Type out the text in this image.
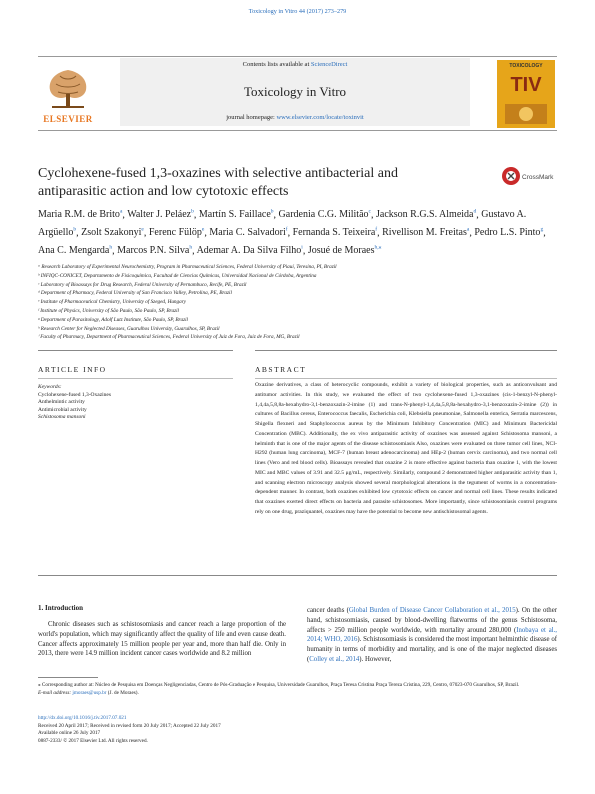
Toxicology in Vitro 44 (2017) 273–279
ELSEVIER
Contents lists available at ScienceDirect
Toxicology in Vitro
journal homepage: www.elsevier.com/locate/toxinvit
TOXICOLOGY
TIV
Cyclohexene-fused 1,3-oxazines with selective antibacterial and
antiparasitic action and low cytotoxic effects
CrossMark
Maria R.M. de Brito$^a$, Walter J. Peláez$^b$, Martín S. Faillace$^b$, Gardenia C.G. Militão$^c$, Jackson R.G.S. Almeida$^d$, Gustavo A. Argüello$^b$, Zsolt Szakonyi$^e$, Ferenc Fülöp$^e$, Maria C. Salvadori$^f$, Fernanda S. Teixeira$^f$, Rivellison M. Freitas$^a$, Pedro L.S. Pinto$^g$, Ana C. Mengarda$^h$, Marcos P.N. Silva$^h$, Ademar A. Da Silva Filho$^i$, Josué de Moraes$^{h,⁎}$
ᵃ Research Laboratory of Experimental Neurochemistry, Program in Pharmaceutical Sciences, Federal University of Piauí, Teresina, PI, Brazil
ᵇ INFIQC-CONICET, Departamento de Fisicoquímica, Facultad de Ciencias Químicas, Universidad Nacional de Córdoba, Argentina
ᶜ Laboratory of Bioassays for Drug Research, Federal University of Pernambuco, Recife, PE, Brazil
ᵈ Department of Pharmacy, Federal University of San Francisco Valley, Petrolina, PE, Brazil
ᵉ Institute of Pharmaceutical Chemistry, University of Szeged, Hungary
ᶠ Institute of Physics, University of São Paulo, São Paulo, SP, Brazil
ᵍ Department of Parasitology, Adolf Lutz Institute, São Paulo, SP, Brazil
ʰ Research Center for Neglected Diseases, Guarulhos University, Guarulhos, SP, Brazil
ⁱ Faculty of Pharmacy, Department of Pharmaceutical Sciences, Federal University of Juiz de Fora, Juiz de Fora, MG, Brazil
ARTICLE INFO	ABSTRACT
Keywords:
Cyclohexene-fused 1,3-Oxazines
Anthelmintic activity
Antimicrobial activity
Schistosoma mansoni
Oxazine derivatives, a class of heterocyclic compounds, exhibit a variety of biological properties, such as anticonvulsant and antitumor activities. In this study, we evaluated the effect of two cyclohexene-fused 1,3-oxazines (cis-1-benzyl-N-phenyl-1,4,4a,5,8,8a-hexahydro-3,1-benzoxazin-2-imine (1) and trans-N-phenyl-1,4,4a,5,8,8a-hexahydro-3,1-benzoxazin-2-imine (2)) in cultures of Bacillus cereus, Enterococcus faecalis, Escherichia coli, Klebsiella pneumoniae, Salmonella enterica, Serratia marcescens, Shigella flexneri and Staphylococcus aureus by the Minimum Inhibitory Concentration (MIC) and Minimum Bactericidal Concentration (MBC). Additionally, the ex vivo antiparasitic activity of oxazines was assessed against Schistosoma mansoni, a helminth that is one of the major agents of the disease schistosomiasis Also, oxazines were evaluated on three tumor cell lines, NCI-H292 (human lung carcinoma), MCF-7 (human breast adenocarcinoma) and HEp-2 (human cervix carcinoma), and two normal cell lines (Vero and red blood cells). Bioassays revealed that oxazine 2 is more effective against bacteria than oxazine 1, with the lowest MIC and MBC values of 3.91 and 32.5 μg/mL, respectively. Similarly, compound 2 demonstrated higher antiparasitic activity than 1, and scanning electron microscopy analysis showed several morphological alterations in the tegument of worms in a concentration-dependent manner. In contrast, both oxazines exhibited low cytotoxic effects on cancer and normal cell lines. These results indicated that oxazines exerted direct effects on bacteria and parasite schistosomes. More importantly, since schistosomiasis control programs rely on one drug, praziquantel, oxazines may have the potential to become new antischistosomal agents.
1. Introduction
Chronic diseases such as schistosomiasis and cancer reach a large proportion of the world's population, which may significantly affect the quality of life and even cause death. Cancer affects approximately 15 million people per year and, more than half die. Only in 2013, there were 14.9 million incident cancer cases worldwide and 8.2 million
cancer deaths (Global Burden of Disease Cancer Collaboration et al., 2015). On the other hand, schistosomiasis, caused by blood-dwelling flatworms of the genus Schistosoma, affects > 250 million people worldwide, with mortality around 280,000 (Inobaya et al., 2014; WHO, 2016). Schistosomiasis is considered the most important helminthic disease of humanity in terms of morbidity and mortality, and is one of the major neglected diseases (Colley et al., 2014). However,
⁎ Corresponding author at: Núcleo de Pesquisa em Doenças Negligenciadas, Centro de Pós-Graduação e Pesquisa, Universidade Guarulhos, Praça Teresa Cristina Praça Tereza Cristina, 229, Centro, 07023-070 Guarulhos, SP, Brazil.
E-mail address: jmoraes@usp.br (J. de Moraes).
http://dx.doi.org/10.1016/j.tiv.2017.07.021
Received 20 April 2017; Received in revised form 20 July 2017; Accepted 22 July 2017
Available online 26 July 2017
0887-2333/ © 2017 Elsevier Ltd. All rights reserved.
